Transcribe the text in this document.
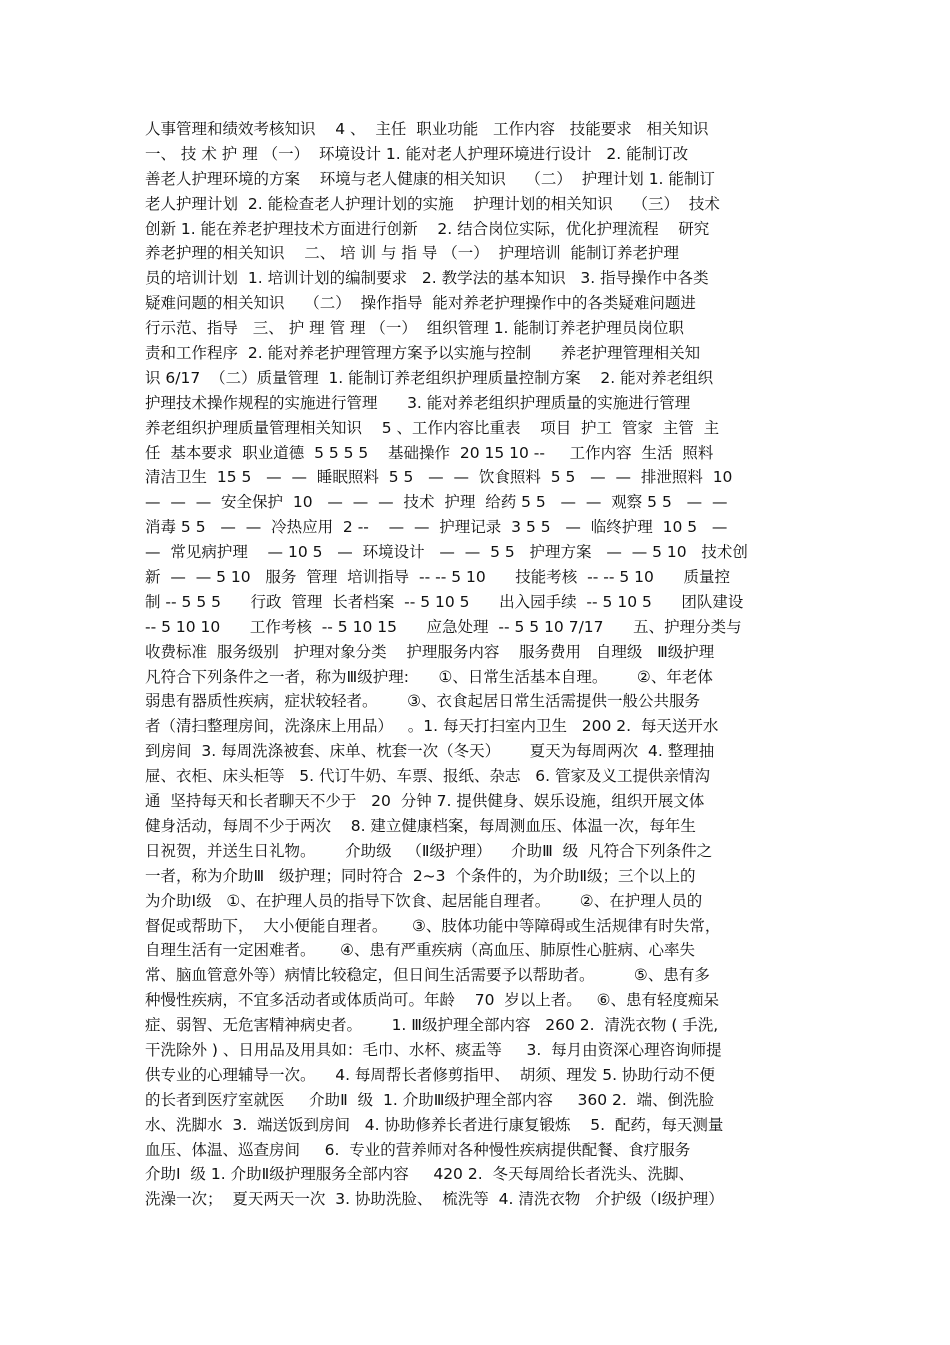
人事管理和绩效考核知识    4 、  主任  职业功能   工作内容   技能要求   相关知识
一、 技 术 护 理 （一）  环境设计 1. 能对老人护理环境进行设计   2. 能制订改
善老人护理环境的方案    环境与老人健康的相关知识    （二）  护理计划 1. 能制订
老人护理计划  2. 能检查老人护理计划的实施    护理计划的相关知识    （三）  技术
创新 1. 能在养老护理技术方面进行创新    2. 结合岗位实际，优化护理流程    研究
养老护理的相关知识    二、 培 训 与 指 导 （一）  护理培训  能制订养老护理
员的培训计划  1. 培训计划的编制要求   2. 教学法的基本知识   3. 指导操作中各类
疑难问题的相关知识    （二）  操作指导  能对养老护理操作中的各类疑难问题进
行示范、指导   三、 护 理 管 理 （一）  组织管理 1. 能制订养老护理员岗位职
责和工作程序  2. 能对养老护理管理方案予以实施与控制      养老护理管理相关知
识 6/17  （二）质量管理  1. 能制订养老组织护理质量控制方案    2. 能对养老组织
护理技术操作规程的实施进行管理      3. 能对养老组织护理质量的实施进行管理
养老组织护理质量管理相关知识    5 、工作内容比重表    项目  护工  管家  主管  主
任  基本要求  职业道德  5 5 5 5    基础操作  20 15 10 --     工作内容  生活  照料
清洁卫生  15 5   —  —  睡眠照料  5 5   —  —  饮食照料  5 5   —  —  排泄照料  10
—  —  —  安全保护  10   —  —  —  技术  护理  给药 5 5   —  —  观察 5 5   —  —
消毒 5 5   —  —  冷热应用  2 --    —  —  护理记录  3 5 5   —  临终护理  10 5   —
—  常见病护理    — 10 5   —  环境设计   —  —  5 5   护理方案   —  — 5 10   技术创
新  —  — 5 10   服务  管理  培训指导  -- -- 5 10      技能考核  -- -- 5 10      质量控
制 -- 5 5 5      行政  管理  长者档案  -- 5 10 5      出入园手续  -- 5 10 5      团队建设
-- 5 10 10      工作考核  -- 5 10 15      应急处理  -- 5 5 10 7/17      五、护理分类与
收费标准  服务级别   护理对象分类    护理服务内容    服务费用   自理级   Ⅲ级护理
凡符合下列条件之一者，称为Ⅲ级护理:      ①、日常生活基本自理。      ②、年老体
弱患有器质性疾病，症状较轻者。      ③、衣食起居日常生活需提供一般公共服务
者（清扫整理房间，洗涤床上用品）   。1. 每天打扫室内卫生   200 2.  每天送开水
到房间  3. 每周洗涤被套、床单、枕套一次（冬天）      夏天为每周两次  4. 整理抽
屉、衣柜、床头柜等   5. 代订牛奶、车票、报纸、杂志   6. 管家及义工提供亲情沟
通  坚持每天和长者聊天不少于   20  分钟 7. 提供健身、娱乐设施，组织开展文体
健身活动，每周不少于两次    8. 建立健康档案，每周测血压、体温一次，每年生
日祝贺，并送生日礼物。      介助级   （Ⅱ级护理）    介助Ⅲ  级  凡符合下列条件之
一者，称为介助Ⅲ   级护理；同时符合  2~3  个条件的，为介助Ⅱ级；三个以上的
为介助Ⅰ级   ①、在护理人员的指导下饮食、起居能自理者。      ②、在护理人员的
督促或帮助下，  大小便能自理者。     ③、肢体功能中等障碍或生活规律有时失常，
自理生活有一定困难者。     ④、患有严重疾病（高血压、肺原性心脏病、心率失
常、脑血管意外等）病情比较稳定，但日间生活需要予以帮助者。        ⑤、患有多
种慢性疾病，不宜多活动者或体质尚可。年龄    70  岁以上者。   ⑥、患有轻度痴呆
症、弱智、无危害精神病史者。      1. Ⅲ级护理全部内容   260 2.  清洗衣物 ( 手洗,
干洗除外 ) 、日用品及用具如：毛巾、水杯、痰盂等     3.  每月由资深心理咨询师提
供专业的心理辅导一次。    4. 每周帮长者修剪指甲、  胡须、理发 5. 协助行动不便
的长者到医疗室就医     介助Ⅱ  级  1. 介助Ⅲ级护理全部内容     360 2.  端、倒洗脸
水、洗脚水  3.  端送饭到房间   4. 协助修养长者进行康复锻炼    5.  配药，每天测量
血压、体温、巡查房间     6.  专业的营养师对各种慢性疾病提供配餐、食疗服务
介助Ⅰ  级 1. 介助Ⅱ级护理服务全部内容     420 2.  冬天每周给长者洗头、洗脚、
洗澡一次；  夏天两天一次  3. 协助洗脸、  梳洗等  4. 清洗衣物   介护级（Ⅰ级护理）
